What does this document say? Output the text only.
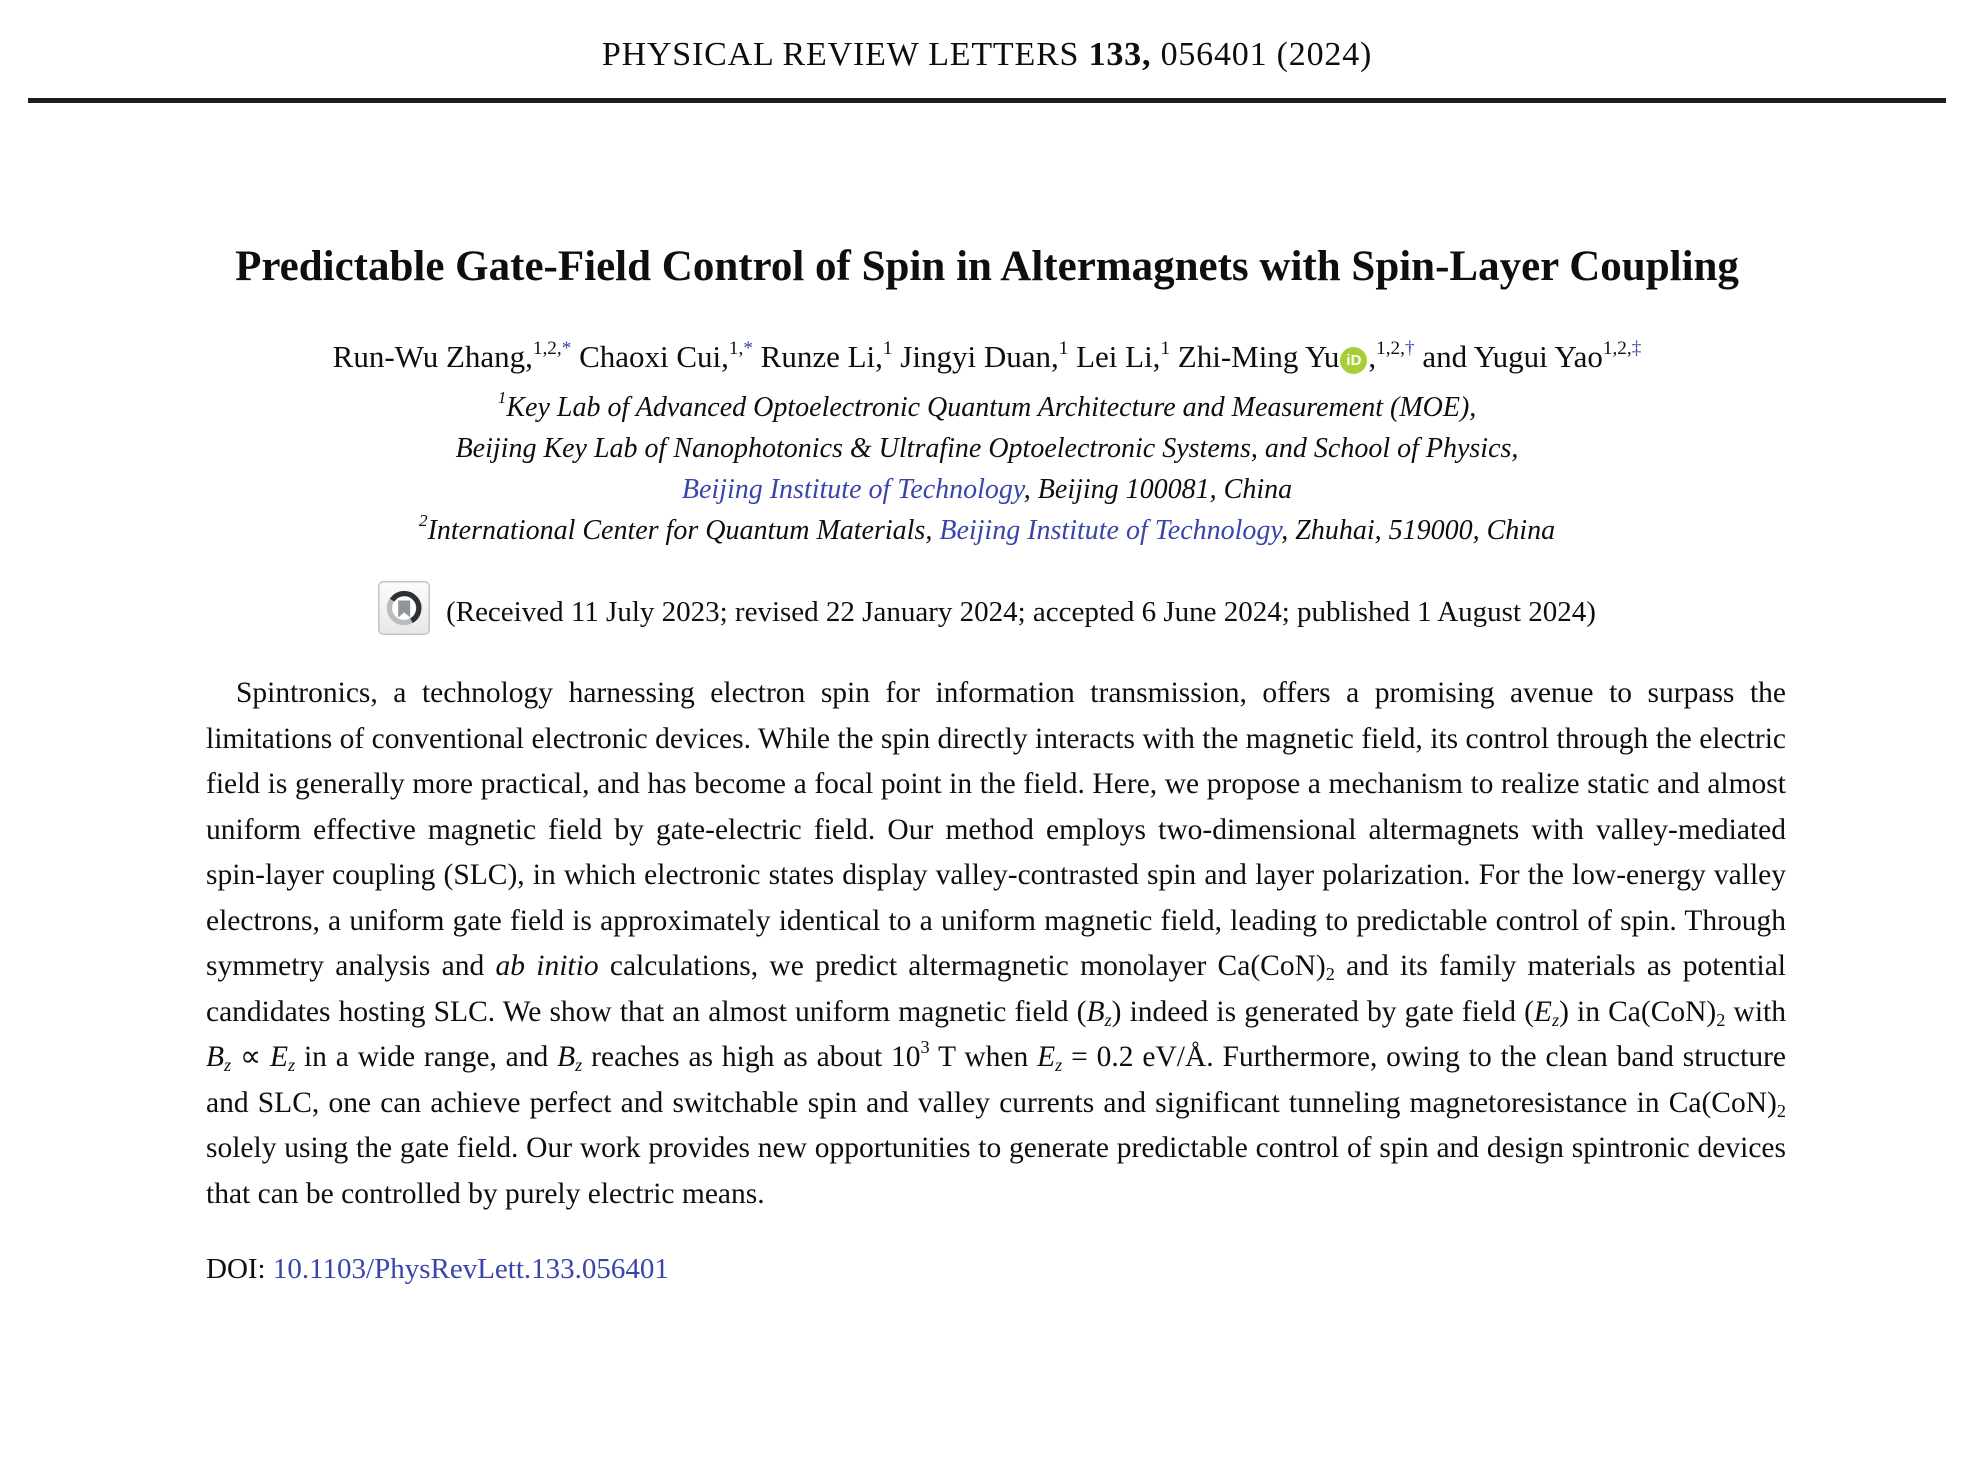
PHYSICAL REVIEW LETTERS 133, 056401 (2024)
Predictable Gate-Field Control of Spin in Altermagnets with Spin-Layer Coupling
Run-Wu Zhang,$^{1,2,*}$ Chaoxi Cui,$^{1,*}$ Runze Li,$^1$ Jingyi Duan,$^1$ Lei Li,$^1$ Zhi-Ming Yu iD ,$^{1,2,\dagger}$ and Yugui Yao$^{1,2,\ddagger}$
$^1$Key Lab of Advanced Optoelectronic Quantum Architecture and Measurement (MOE),
Beijing Key Lab of Nanophotonics & Ultrafine Optoelectronic Systems, and School of Physics,
Beijing Institute of Technology, Beijing 100081, China
$^2$International Center for Quantum Materials, Beijing Institute of Technology, Zhuhai, 519000, China
(Received 11 July 2023; revised 22 January 2024; accepted 6 June 2024; published 1 August 2024)
Spintronics, a technology harnessing electron spin for information transmission, offers a promising avenue to surpass the limitations of conventional electronic devices. While the spin directly interacts with the magnetic field, its control through the electric field is generally more practical, and has become a focal point in the field. Here, we propose a mechanism to realize static and almost uniform effective magnetic field by gate-electric field. Our method employs two-dimensional altermagnets with valley-mediated spin-layer coupling (SLC), in which electronic states display valley-contrasted spin and layer polarization. For the low-energy valley electrons, a uniform gate field is approximately identical to a uniform magnetic field, leading to predictable control of spin. Through symmetry analysis and ab initio calculations, we predict altermagnetic monolayer Ca(CoN)2 and its family materials as potential candidates hosting SLC. We show that an almost uniform magnetic field (Bz) indeed is generated by gate field (Ez) in Ca(CoN)2 with Bz ∝ Ez in a wide range, and Bz reaches as high as about $10^3$ T when Ez = 0.2 eV/Å. Furthermore, owing to the clean band structure and SLC, one can achieve perfect and switchable spin and valley currents and significant tunneling magnetoresistance in Ca(CoN)2 solely using the gate field. Our work provides new opportunities to generate predictable control of spin and design spintronic devices that can be controlled by purely electric means.
DOI: 10.1103/PhysRevLett.133.056401
